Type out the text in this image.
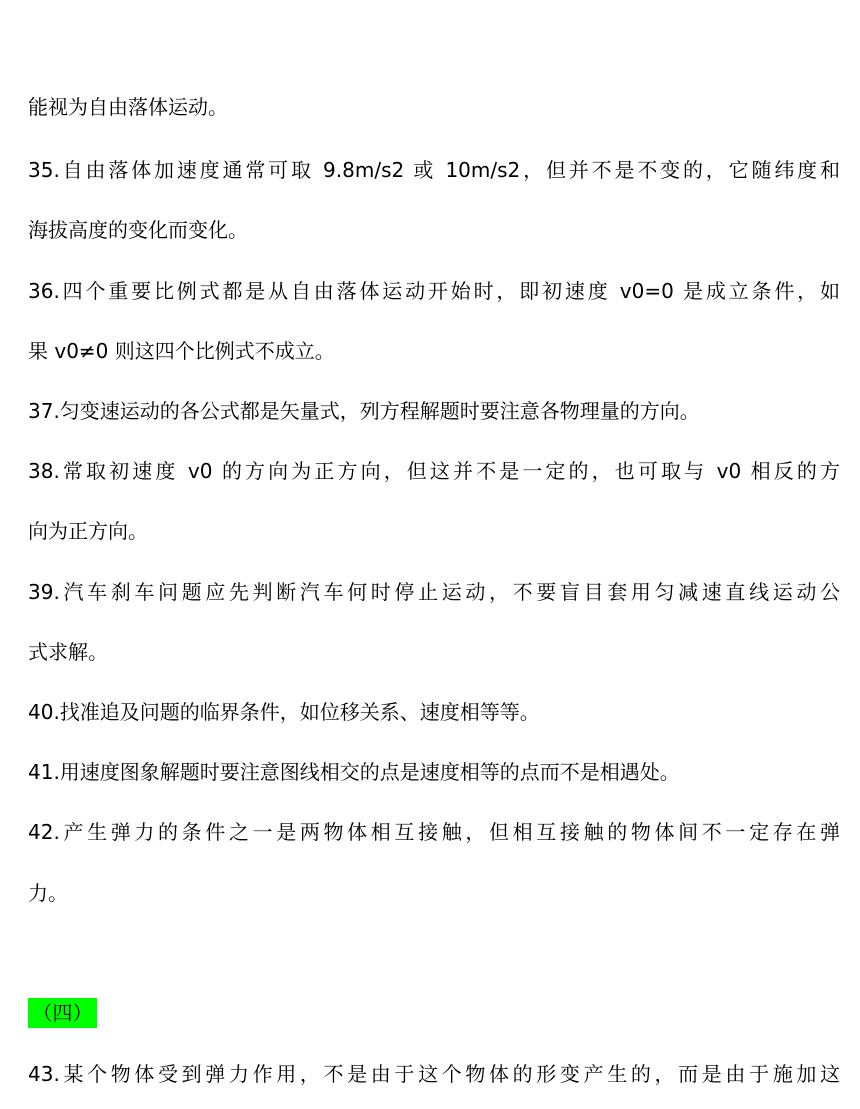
能视为自由落体运动。
35.自由落体加速度通常可取 9.8m/s2 或 10m/s2，但并不是不变的，它随纬度和
海拔高度的变化而变化。
36.四个重要比例式都是从自由落体运动开始时，即初速度 v0=0 是成立条件，如
果 v0≠0 则这四个比例式不成立。
37.匀变速运动的各公式都是矢量式，列方程解题时要注意各物理量的方向。
38.常取初速度 v0 的方向为正方向，但这并不是一定的，也可取与 v0 相反的方
向为正方向。
39.汽车刹车问题应先判断汽车何时停止运动，不要盲目套用匀减速直线运动公
式求解。
40.找准追及问题的临界条件，如位移关系、速度相等等。
41.用速度图象解题时要注意图线相交的点是速度相等的点而不是相遇处。
42.产生弹力的条件之一是两物体相互接触，但相互接触的物体间不一定存在弹
力。
（四）
43.某个物体受到弹力作用，不是由于这个物体的形变产生的，而是由于施加这
